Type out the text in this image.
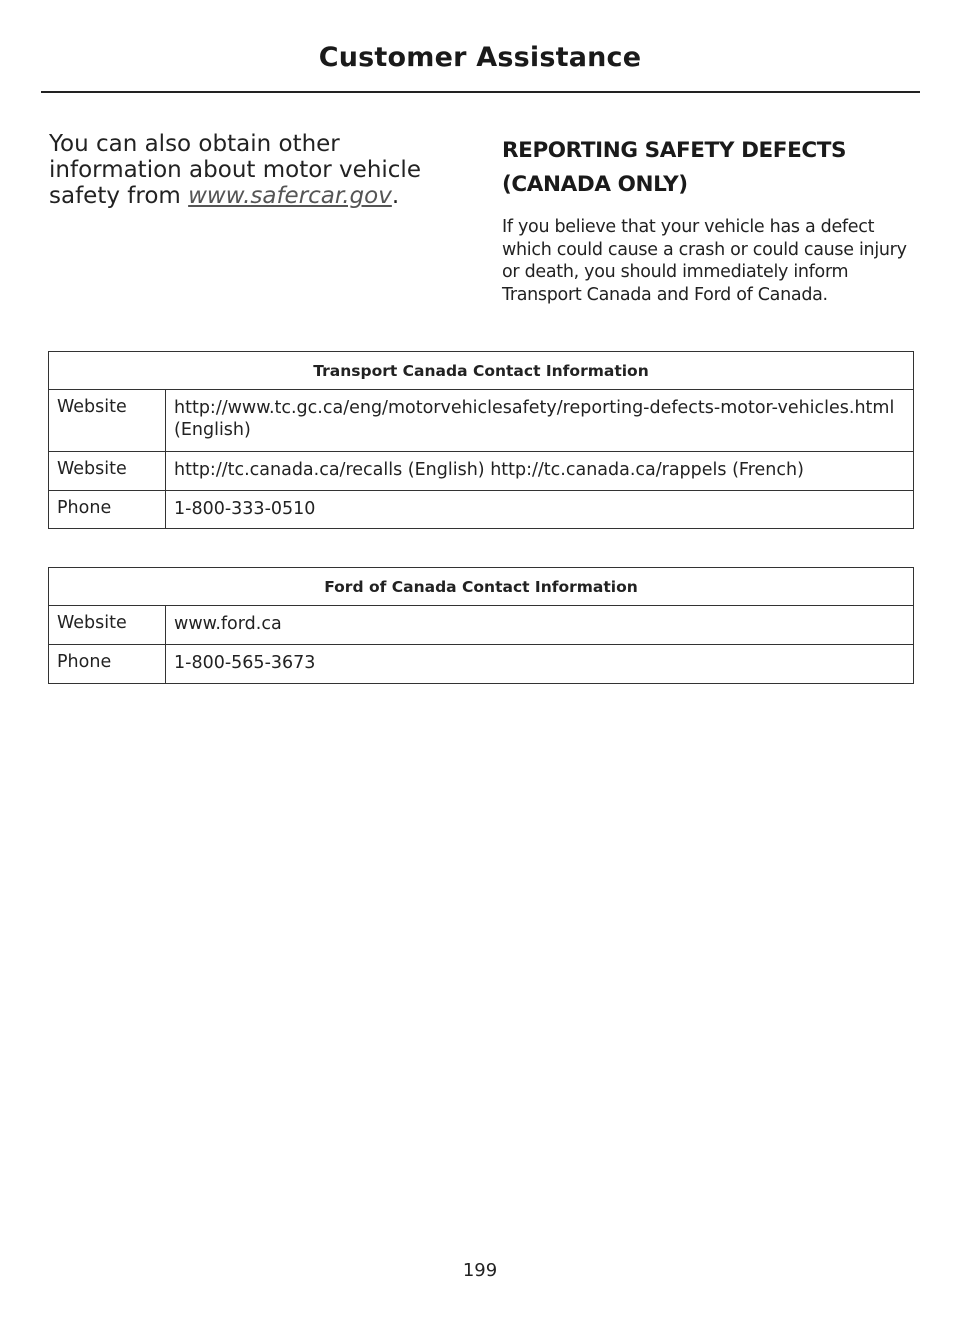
Customer Assistance
You can also obtain other information about motor vehicle safety from www.safercar.gov.
REPORTING SAFETY DEFECTS (CANADA ONLY)
If you believe that your vehicle has a defect which could cause a crash or could cause injury or death, you should immediately inform Transport Canada and Ford of Canada.
Transport Canada Contact Information	
Website	http://www.tc.gc.ca/eng/motorvehiclesafety/reporting-defects-motor-vehicles.html (English)
Website	http://tc.canada.ca/recalls (English) http://tc.canada.ca/rappels (French)
Phone	1-800-333-0510
Ford of Canada Contact Information	
Website	www.ford.ca
Phone	1-800-565-3673
199
